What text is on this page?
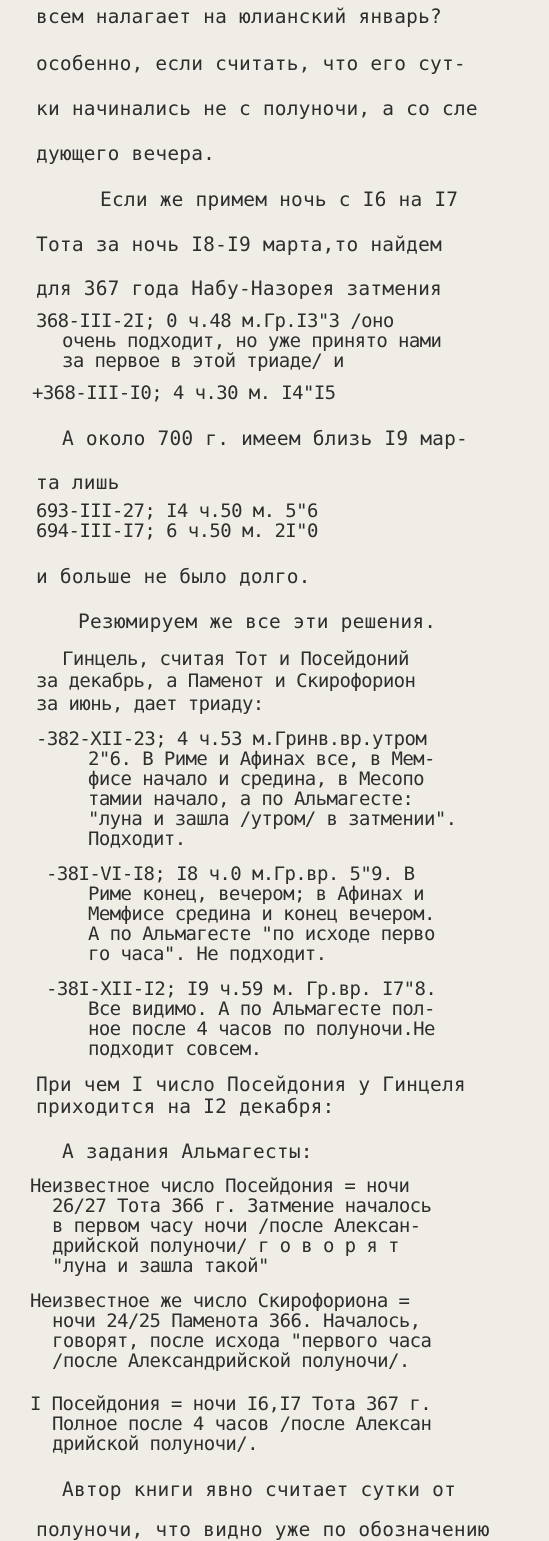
всем налагает на юлианский январь?
особенно, если считать, что его сут-
ки начинались не с полуночи, а со сле
дующего вечера.
Если же примем ночь с I6 на I7
Тота за ночь I8-I9 марта,то найдем
для 367 года Набу-Назорея затмения
368-III-2I; 0 ч.48 м.Гр.I3"3 /оно
очень подходит, но уже принято нами
за первое в этой триаде/ и
+368-III-I0; 4 ч.30 м. I4"I5
А около 700 г. имеем близь I9 мар-
та лишь
693-III-27; I4 ч.50 м. 5"6
694-III-I7; 6 ч.50 м. 2I"0
и больше не было долго.
Резюмируем же все эти решения.
Гинцель, считая Тот и Посейдоний
за декабрь, а Паменот и Скирофорион
за июнь, дает триаду:
-382-XII-23; 4 ч.53 м.Гринв.вр.утром
2"6. В Риме и Афинах все, в Мем-
фисе начало и средина, в Месопо
тамии начало, а по Альмагесте:
"луна и зашла /утром/ в затмении".
Подходит.
-38I-VI-I8; I8 ч.0 м.Гр.вр. 5"9. В
Риме конец, вечером; в Афинах и
Мемфисе средина и конец вечером.
А по Альмагесте "по исходе перво
го часа". Не подходит.
-38I-XII-I2; I9 ч.59 м. Гр.вр. I7"8.
Все видимо. А по Альмагесте пол-
ное после 4 часов по полуночи.Не
подходит совсем.
При чем I число Посейдония у Гинцеля
приходится на I2 декабря:
А задания Альмагесты:
Неизвестное число Посейдония = ночи
26/27 Тота 366 г. Затмение началось
в первом часу ночи /после Алексан-
дрийской полуночи/ г о в о р я т
"луна и зашла такой"
Неизвестное же число Скирофориона =
ночи 24/25 Паменота 366. Началось,
говорят, после исхода "первого часа
/после Александрийской полуночи/.
I Посейдония = ночи I6,I7 Тота 367 г.
Полное после 4 часов /после Алексан
дрийской полуночи/.
Автор книги явно считает сутки от
полуночи, что видно уже по обозначению
